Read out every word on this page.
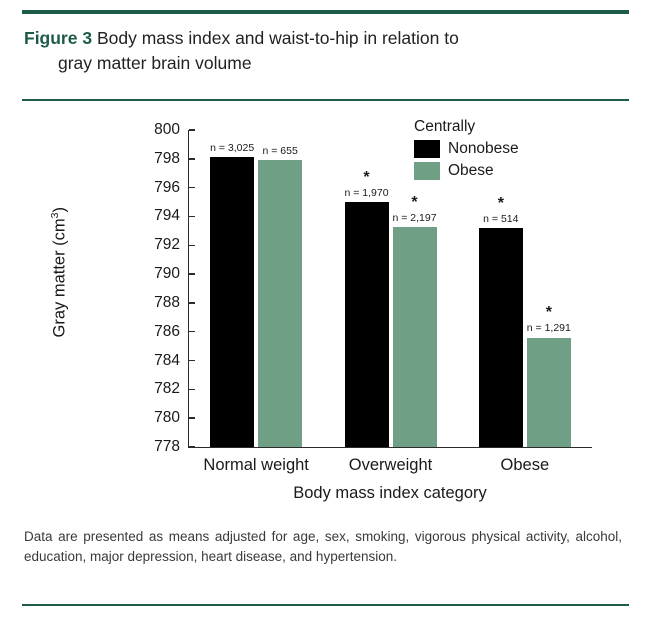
Figure 3 Body mass index and waist-to-hip in relation to
gray matter brain volume
Gray matter $(cm^3)$
778
780
782
784
786
788
790
792
794
796
798
800
n = 3,025 n = 655
Normal weight
n = 1,970
*
n = 2,197
*
Overweight
n = 514
*
n = 1,291
*
Obese
Body mass index category
Centrally
Nonobese
Obese
Data are presented as means adjusted for age, sex, smoking, vigorous physical activity, alcohol, education, major depression, heart disease, and hypertension.
